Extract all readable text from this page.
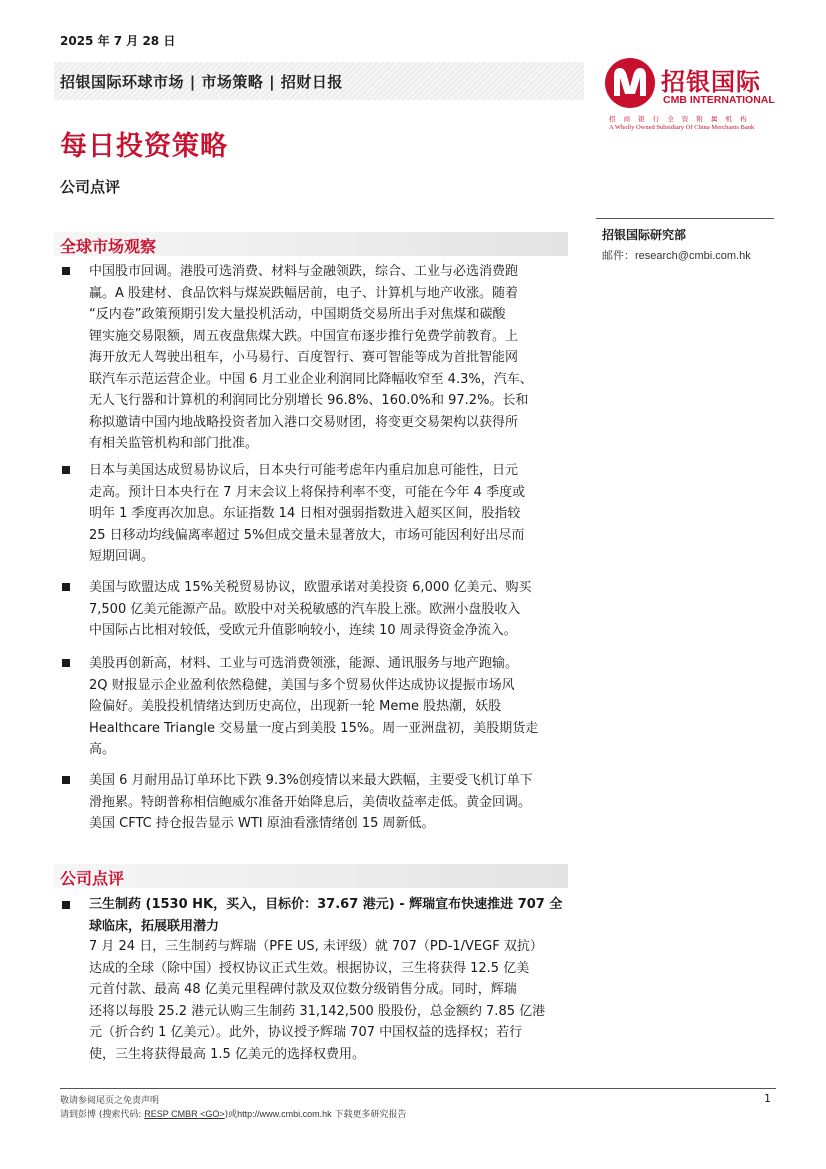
2025 年 7 月 28 日
招银国际环球市场 | 市场策略 | 招财日报	招银国际
CMB INTERNATIONAL
招 商 银 行 全 资 附 属 机 构
A Wholly Owned Subsidiary Of China Merchants Bank
每日投资策略
公司点评
全球市场观察
招银国际研究部
邮件：research@cmbi.com.hk
中国股市回调。港股可选消费、材料与金融领跌，综合、工业与必选消费跑
赢。A 股建材、食品饮料与煤炭跌幅居前，电子、计算机与地产收涨。随着
“反内卷”政策预期引发大量投机活动，中国期货交易所出手对焦煤和碳酸
锂实施交易限额，周五夜盘焦煤大跌。中国宣布逐步推行免费学前教育。上
海开放无人驾驶出租车，小马易行、百度智行、赛可智能等成为首批智能网
联汽车示范运营企业。中国 6 月工业企业利润同比降幅收窄至 4.3%，汽车、
无人飞行器和计算机的利润同比分别增长 96.8%、160.0%和 97.2%。长和
称拟邀请中国内地战略投资者加入港口交易财团，将变更交易架构以获得所
有相关监管机构和部门批准。
日本与美国达成贸易协议后，日本央行可能考虑年内重启加息可能性，日元
走高。预计日本央行在 7 月末会议上将保持利率不变，可能在今年 4 季度或
明年 1 季度再次加息。东证指数 14 日相对强弱指数进入超买区间，股指较
25 日移动均线偏离率超过 5%但成交量未显著放大，市场可能因利好出尽而
短期回调。
美国与欧盟达成 15%关税贸易协议，欧盟承诺对美投资 6,000 亿美元、购买
7,500 亿美元能源产品。欧股中对关税敏感的汽车股上涨。欧洲小盘股收入
中国际占比相对较低，受欧元升值影响较小，连续 10 周录得资金净流入。
美股再创新高，材料、工业与可选消费领涨，能源、通讯服务与地产跑输。
2Q 财报显示企业盈利依然稳健，美国与多个贸易伙伴达成协议提振市场风
险偏好。美股投机情绪达到历史高位，出现新一轮 Meme 股热潮，妖股
Healthcare Triangle 交易量一度占到美股 15%。周一亚洲盘初，美股期货走
高。
美国 6 月耐用品订单环比下跌 9.3%创疫情以来最大跌幅，主要受飞机订单下
滑拖累。特朗普称相信鲍威尔准备开始降息后，美债收益率走低。黄金回调。
美国 CFTC 持仓报告显示 WTI 原油看涨情绪创 15 周新低。
公司点评
三生制药 (1530 HK，买入，目标价：37.67 港元) - 辉瑞宣布快速推进 707 全
球临床，拓展联用潜力
7 月 24 日，三生制药与辉瑞（PFE US, 未评级）就 707（PD-1/VEGF 双抗）
达成的全球（除中国）授权协议正式生效。根据协议，三生将获得 12.5 亿美
元首付款、最高 48 亿美元里程碑付款及双位数分级销售分成。同时，辉瑞
还将以每股 25.2 港元认购三生制药 31,142,500 股股份，总金额约 7.85 亿港
元（折合约 1 亿美元）。此外，协议授予辉瑞 707 中国权益的选择权；若行
使，三生将获得最高 1.5 亿美元的选择权费用。
敬请参阅尾页之免责声明
请到彭博 (搜索代码: RESP CMBR <GO>)或http://www.cmbi.com.hk 下载更多研究报告
1
